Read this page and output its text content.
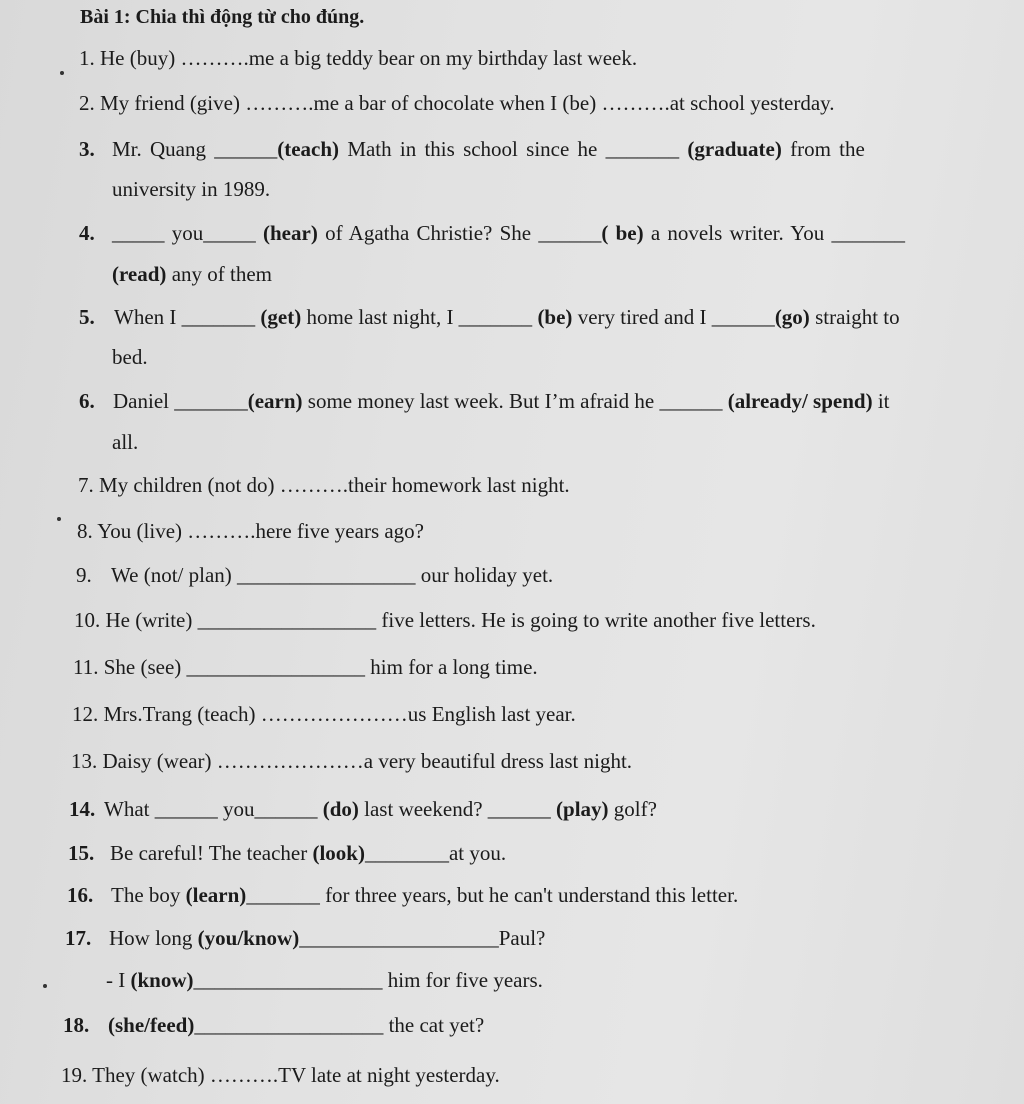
Bài 1: Chia thì động từ cho đúng.
1. He (buy) ……….me a big teddy bear on my birthday last week.
2. My friend (give) ……….me a bar of chocolate when I (be) ……….at school yesterday.
3. Mr. Quang ______(teach) Math in this school since he _______ (graduate) from the
university in 1989.
4. _____ you_____ (hear) of Agatha Christie? She ______( be) a novels writer. You _______
(read) any of them
5. When I _______ (get) home last night, I _______ (be) very tired and I ______(go) straight to
bed.
6. Daniel _______(earn) some money last week. But I’m afraid he ______ (already/ spend) it
all.
7. My children (not do) ……….their homework last night.
8. You (live) ……….here five years ago?
9. We (not/ plan) _________________ our holiday yet.
10. He (write) _________________ five letters. He is going to write another five letters.
11. She (see) _________________ him for a long time.
12. Mrs.Trang (teach) …………………us English last year.
13. Daisy (wear) …………………a very beautiful dress last night.
14. What ______ you______ (do) last weekend? ______ (play) golf?
15. Be careful! The teacher (look)________at you.
16. The boy (learn)_______ for three years, but he can't understand this letter.
17. How long (you/know)___________________Paul?
- I (know)__________________ him for five years.
18. (she/feed)__________________ the cat yet?
19. They (watch) ……….TV late at night yesterday.
